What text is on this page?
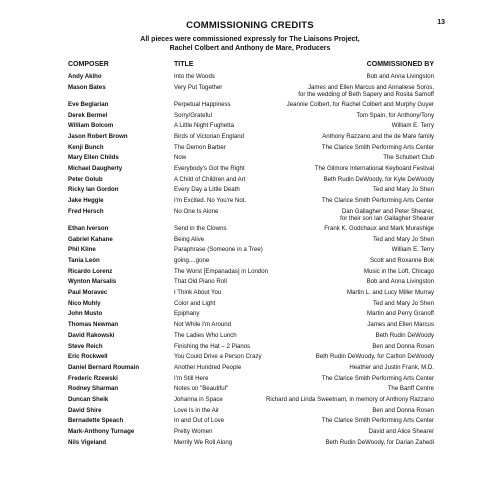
13
COMMISSIONING CREDITS
All pieces were commissioned expressly for The Liaisons Project,
Rachel Colbert and Anthony de Mare, Producers
COMPOSER	TITLE	COMMISSIONED BY
Andy Akiho	Into the Woods	Bob and Anna Livingston
Mason Bates	Very Put Together	James and Ellen Marcus and Annaliese Soros,
for the wedding of Beth Sapery and Rosita Sarnoff
Eve Beglarian	Perpetual Happiness	Jeannie Colbert, for Rachel Colbert and Murphy Guyer
Derek Bermel	Sorry/Grateful	Tom Spain, for Anthony/Tony
William Bolcom	A Little Night Fughetta	William E. Terry
Jason Robert Brown	Birds of Victorian England	Anthony Razzano and the de Mare family
Kenji Bunch	The Demon Barber	The Clarice Smith Performing Arts Center
Mary Ellen Childs	Now	The Schubert Club
Michael Daugherty	Everybody's Got the Right	The Gilmore International Keyboard Festival
Peter Golub	A Child of Children and Art	Beth Rudin DeWoody, for Kyle DeWoody
Ricky Ian Gordon	Every Day a Little Death	Ted and Mary Jo Shen
Jake Heggie	I'm Excited. No You're Not.	The Clarice Smith Performing Arts Center
Fred Hersch	No One Is Alone	Dan Gallagher and Peter Shearer,
for their son Ian Gallagher Shearer
Ethan Iverson	Send in the Clowns	Frank K. Godchaux and Mark Murashige
Gabriel Kahane	Being Alive	Ted and Mary Jo Shen
Phil Kline	Paraphrase (Someone in a Tree)	William E. Terry
Tania León	going....gone	Scott and Roxanne Bok
Ricardo Lorenz	The Worst [Empanadas] in London	Music in the Loft, Chicago
Wynton Marsalis	That Old Piano Roll	Bob and Anna Livingston
Paul Moravec	I Think About You	Martin L. and Lucy Miller Murray
Nico Muhly	Color and Light	Ted and Mary Jo Shen
John Musto	Epiphany	Martin and Perry Granoff
Thomas Newman	Not While I'm Around	James and Ellen Marcus
David Rakowski	The Ladies Who Lunch	Beth Rudin DeWoody
Steve Reich	Finishing the Hat – 2 Pianos	Ben and Donna Rosen
Eric Rockwell	You Could Drive a Person Crazy	Beth Rudin DeWoody, for Carlton DeWoody
Daniel Bernard Roumain	Another Hundred People	Heather and Justin Frank, M.D.
Frederic Rzewski	I'm Still Here	The Clarice Smith Performing Arts Center
Rodney Sharman	Notes on "Beautiful"	The Banff Centre
Duncan Sheik	Johanna in Space	Richard and Linda Sweetnam, in memory of Anthony Razzano
David Shire	Love Is in the Air	Ben and Donna Rosen
Bernadette Speach	In and Out of Love	The Clarice Smith Performing Arts Center
Mark-Anthony Turnage	Pretty Women	David and Alice Shearer
Nils Vigeland	Merrily We Roll Along	Beth Rudin DeWoody, for Darian Zahedi
